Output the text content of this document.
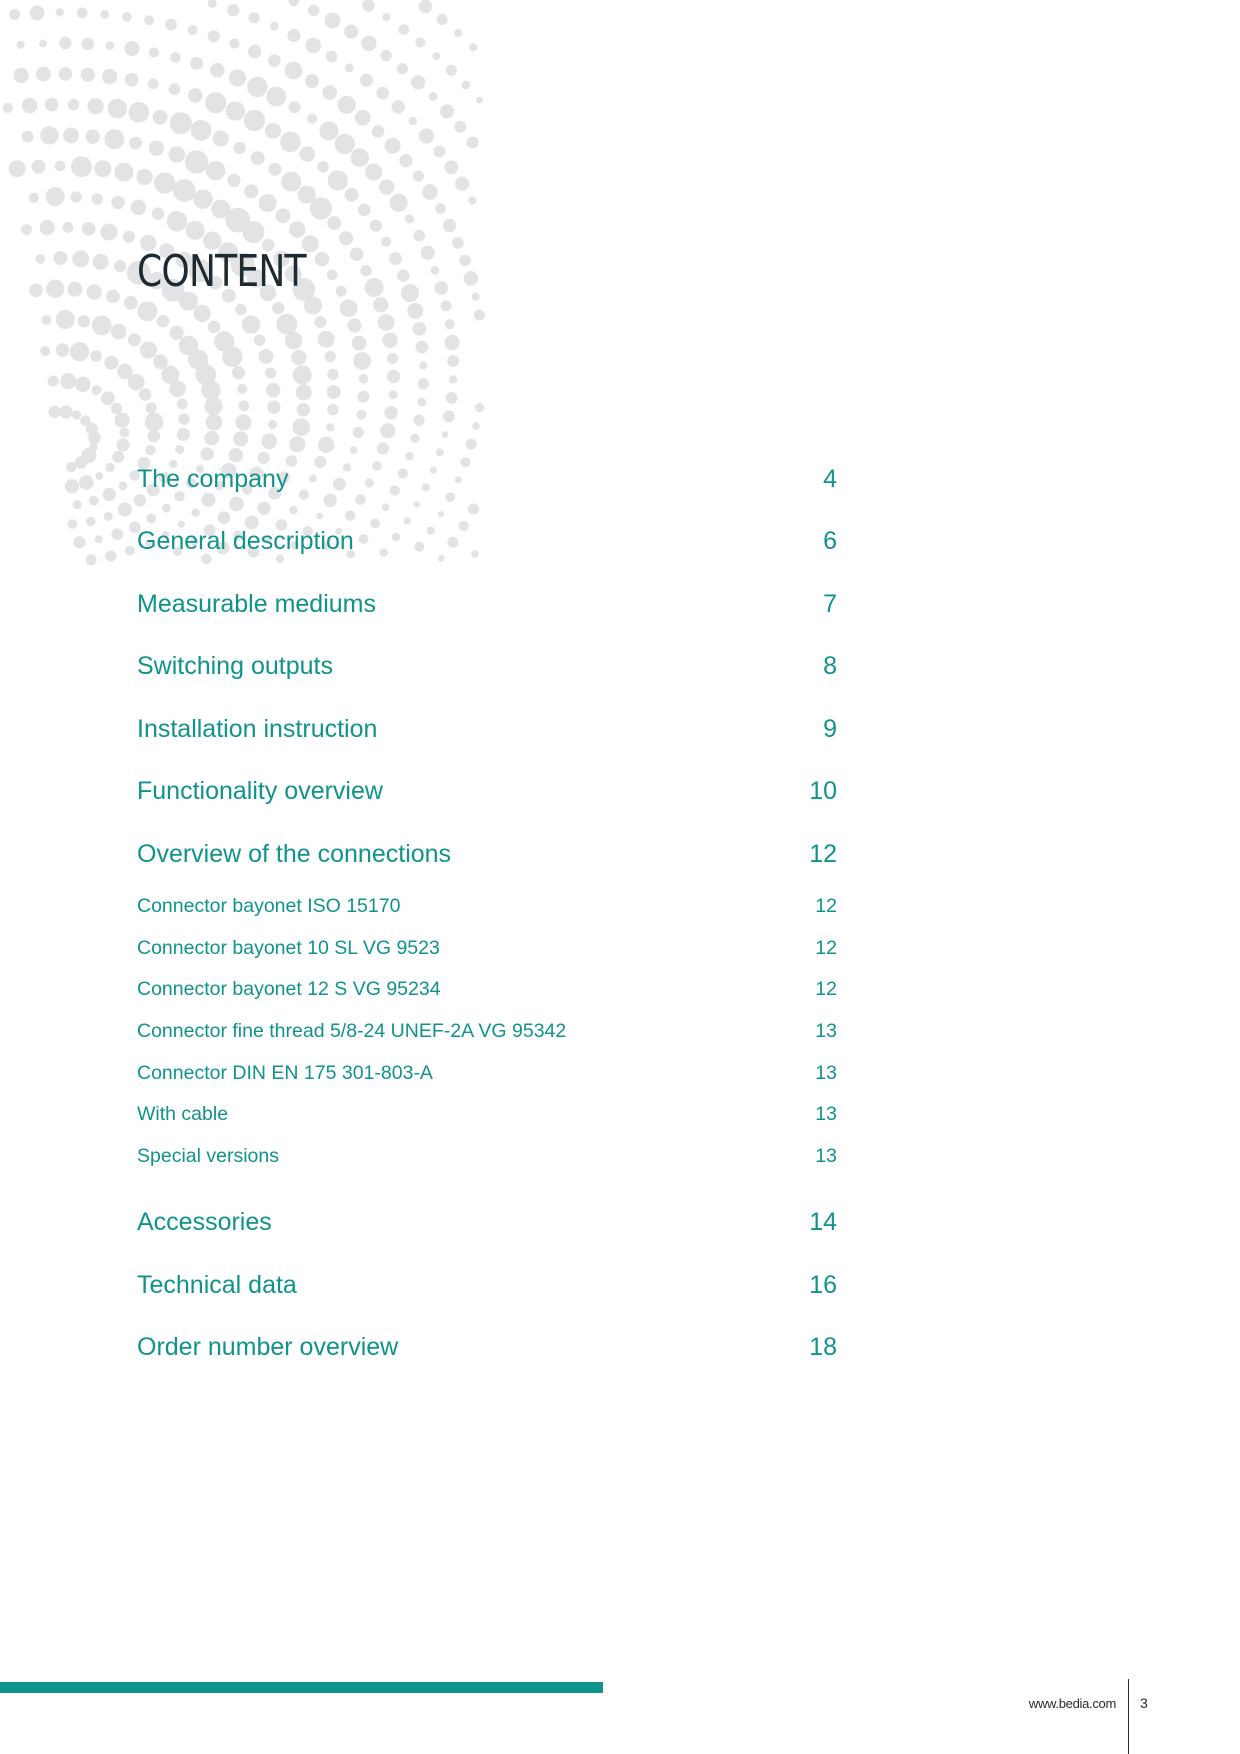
CONTENT
The company	4
General description	6
Measurable mediums	7
Switching outputs	8
Installation instruction	9
Functionality overview	10
Overview of the connections	12
Connector bayonet ISO 15170	12
Connector bayonet 10 SL VG 9523	12
Connector bayonet 12 S VG 95234	12
Connector fine thread 5/8-24 UNEF-2A VG 95342	13
Connector DIN EN 175 301-803-A	13
With cable	13
Special versions	13
Accessories	14
Technical data	16
Order number overview	18
www.bedia.com 3
